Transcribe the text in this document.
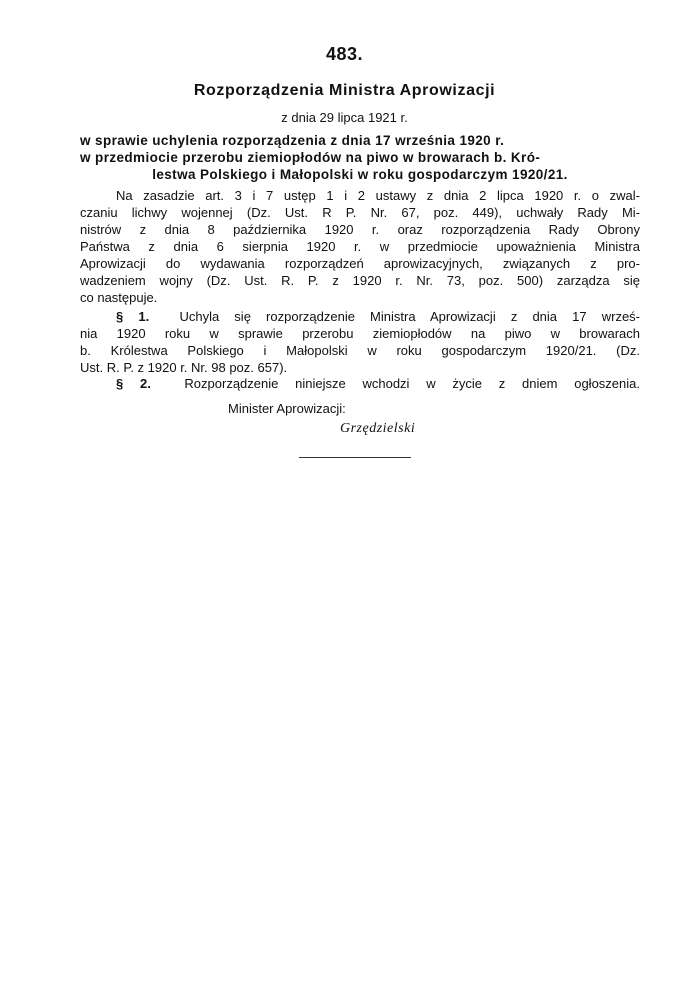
483.
Rozporządzenia Ministra Aprowizacji
z dnia 29 lipca 1921 r.
w sprawie uchylenia rozporządzenia z dnia 17 września 1920 r.
w przedmiocie przerobu ziemiopłodów na piwo w browarach b. Kró-
lestwa Polskiego i Małopolski w roku gospodarczym 1920/21.
Na zasadzie art. 3 i 7 ustęp 1 i 2 ustawy z dnia 2 lipca 1920 r. o zwal-
czaniu lichwy wojennej (Dz. Ust. R P. Nr. 67, poz. 449), uchwały Rady Mi-
nistrów z dnia 8 października 1920 r. oraz rozporządzenia Rady Obrony
Państwa z dnia 6 sierpnia 1920 r. w przedmiocie upoważnienia Ministra
Aprowizacji do wydawania rozporządzeń aprowizacyjnych, związanych z pro-
wadzeniem wojny (Dz. Ust. R. P. z 1920 r. Nr. 73, poz. 500) zarządza się
co następuje.
§ 1. Uchyla się rozporządzenie Ministra Aprowizacji z dnia 17 wrześ-
nia 1920 roku w sprawie przerobu ziemiopłodów na piwo w browarach
b. Królestwa Polskiego i Małopolski w roku gospodarczym 1920/21. (Dz.
Ust. R. P. z 1920 r. Nr. 98 poz. 657).
§ 2.	Rozporządzenie niniejsze wchodzi w życie z dniem ogłoszenia.
Minister Aprowizacji:
Grzędzielski
